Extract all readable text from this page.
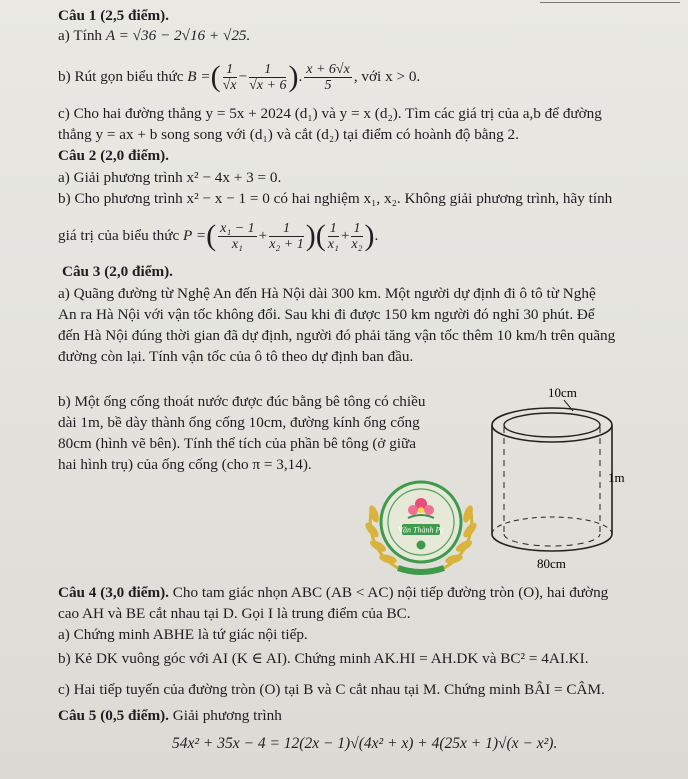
Câu 1 (2,5 điểm).
a) Tính A = √36 − 2√16 + √25.
b) Rút gọn biểu thức
B = ( $\frac{1}{√x} - \frac{1}{√x + 6}$ ) . $\frac{x + 6√x}{5}$ , với x > 0.
c) Cho hai đường thẳng y = 5x + 2024 (d₁) và y = x (d₂). Tìm các giá trị của a,b để đường
thẳng y = ax + b song song với (d₁) và cắt (d₂) tại điểm có hoành độ bằng 2.
Câu 2 (2,0 điểm).
a) Giải phương trình x² − 4x + 3 = 0.
b) Cho phương trình x² − x − 1 = 0 có hai nghiệm x₁, x₂. Không giải phương trình, hãy tính
giá trị của biểu thức
P = ( $\frac{\text{x₁ − 1}}{\text{x₁}} + \frac{1}{\text{x₂ + 1}}$ )( $\frac{1}{\text{x₁}} + \frac{1}{\text{x₂}}$ ) .
Câu 3 (2,0 điểm).
a) Quãng đường từ Nghệ An đến Hà Nội dài 300 km. Một người dự định đi ô tô từ Nghệ
An ra Hà Nội với vận tốc không đổi. Sau khi đi được 150 km người đó nghỉ 30 phút. Để
đến Hà Nội đúng thời gian đã dự định, người đó phải tăng vận tốc thêm 10 km/h trên quãng
đường còn lại. Tính vận tốc của ô tô theo dự định ban đầu.
b) Một ống cống thoát nước được đúc bằng bê tông có chiều
dài 1m, bề dày thành ống cống 10cm, đường kính ống cống
80cm (hình vẽ bên). Tính thể tích của phần bê tông (ở giữa
hai hình trụ) của ống cống (cho π = 3,14).
Văn Thành Pc
10cm
1m
80cm
Câu 4 (3,0 điểm). Cho tam giác nhọn ABC (AB < AC) nội tiếp đường tròn (O), hai đường
cao AH và BE cắt nhau tại D. Gọi I là trung điểm của BC.
a) Chứng minh ABHE là tứ giác nội tiếp.
b) Kẻ DK vuông góc với AI (K ∈ AI). Chứng minh AK.HI = AH.DK và BC² = 4AI.KI.
c) Hai tiếp tuyến của đường tròn (O) tại B và C cắt nhau tại M. Chứng minh BÂI = CÂM.
Câu 5 (0,5 điểm). Giải phương trình
54x² + 35x − 4 = 12(2x − 1)√(4x² + x) + 4(25x + 1)√(x − x²).
